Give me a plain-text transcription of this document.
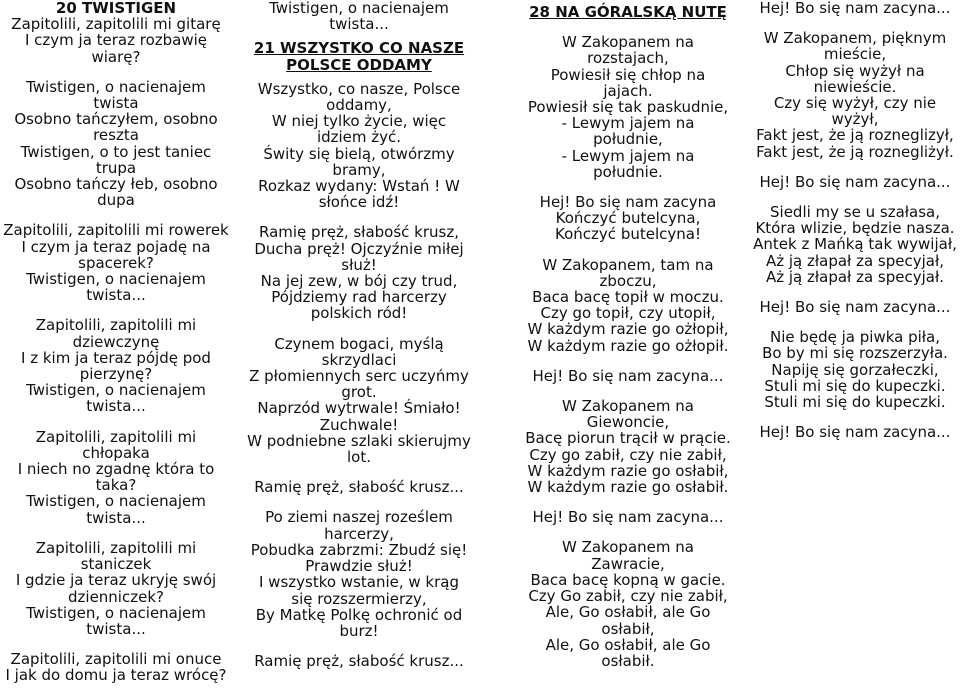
20 TWISTIGEN

Zapitolili, zapitolili mi gitarę

I czym ja teraz rozbawię

wiarę?

Twistigen, o nacienajem

twista

Osobno tańczyłem, osobno

reszta

Twistigen, o to jest taniec

trupa

Osobno tańczy łeb, osobno

dupa

Zapitolili, zapitolili mi rowerek

I czym ja teraz pojadę na

spacerek?

Twistigen, o nacienajem

twista...

Zapitolili, zapitolili mi

dziewczynę

I z kim ja teraz pójdę pod

pierzynę?

Twistigen, o nacienajem

twista...

Zapitolili, zapitolili mi

chłopaka

I niech no zgadnę która to

taka?

Twistigen, o nacienajem

twista...

Zapitolili, zapitolili mi

staniczek

I gdzie ja teraz ukryję swój

dzienniczek?

Twistigen, o nacienajem

twista...

Zapitolili, zapitolili mi onuce

I jak do domu ja teraz wrócę?

Twistigen, o nacienajem

twista...

21 WSZYSTKO CO NASZE

POLSCE ODDAMY

Wszystko, co nasze, Polsce

oddamy,

W niej tylko życie, więc

idziem żyć.

Świty się bielą, otwórzmy

bramy,

Rozkaz wydany: Wstań ! W

słońce idź!

Ramię pręż, słabość krusz,

Ducha pręż! Ojczyźnie miłej

służ!

Na jej zew, w bój czy trud,

Pójdziemy rad harcerzy

polskich ród!

Czynem bogaci, myślą

skrzydlaci

Z płomiennych serc uczyńmy

grot.

Naprzód wytrwale! Śmiało!

Zuchwale!

W podniebne szlaki skierujmy

lot.

Ramię pręż, słabość krusz...

Po ziemi naszej roześlem

harcerzy,

Pobudka zabrzmi: Zbudź się!

Prawdzie służ!

I wszystko wstanie, w krąg

się rozszermierzy,

By Matkę Polkę ochronić od

burz!

Ramię pręż, słabość krusz...

28 NA GÓRALSKĄ NUTĘ

W Zakopanem na

rozstajach,

Powiesił się chłop na

jajach.

Powiesił się tak paskudnie,

- Lewym jajem na

południe,

- Lewym jajem na

południe.

Hej! Bo się nam zacyna

Kończyć butelcyna,

Kończyć butelcyna!

W Zakopanem, tam na

zboczu,

Baca bacę topił w moczu.

Czy go topił, czy utopił,

W każdym razie go ożłopił,

W każdym razie go ożłopił.

Hej! Bo się nam zacyna...

W Zakopanem na

Giewoncie,

Bacę piorun trącił w prącie.

Czy go zabił, czy nie zabił,

W każdym razie go osłabił,

W każdym razie go osłabił.

Hej! Bo się nam zacyna...

W Zakopanem na

Zawracie,

Baca bacę kopną w gacie.

Czy Go zabił, czy nie zabił,

Ale, Go osłabił, ale Go

osłabił,

Ale, Go osłabił, ale Go

osłabił.

Hej! Bo się nam zacyna...

W Zakopanem, pięknym

mieście,

Chłop się wyżył na

niewieście.

Czy się wyżył, czy nie

wyżył,

Fakt jest, że ją rozneglizył,

Fakt jest, że ją roznegliżył.

Hej! Bo się nam zacyna...

Siedli my se u szałasa,

Która wlizie, będzie nasza.

Antek z Mańką tak wywijał,

Aż ją złapał za specyjał,

Aż ją złapał za specyjał.

Hej! Bo się nam zacyna...

Nie będę ja piwka piła,

Bo by mi się rozszerzyła.

Napiję się gorzałeczki,

Stuli mi się do kupeczki.

Stuli mi się do kupeczki.

Hej! Bo się nam zacyna...
